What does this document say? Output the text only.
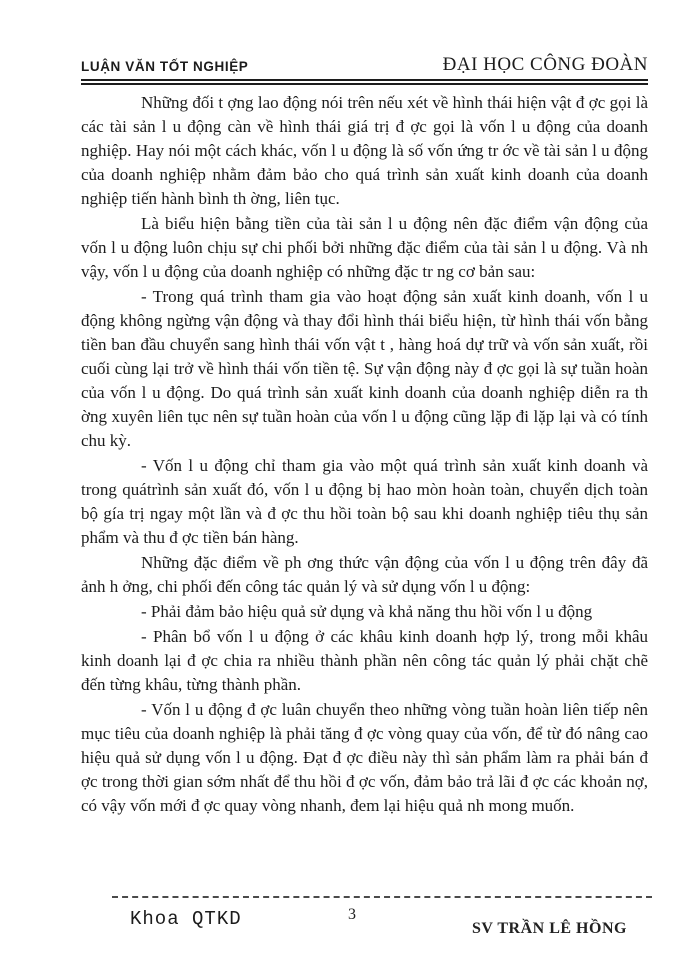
LUẬN VĂN TỐT NGHIỆP	ĐẠI HỌC CÔNG ĐOÀN

Những đối t ợng lao động nói trên nếu xét về hình thái hiện vật đ ợc gọi là các tài sản l u động càn về hình thái giá trị đ ợc gọi là vốn l u động của doanh nghiệp. Hay nói một cách khác, vốn l u động là số vốn ứng tr ớc về tài sản l u động của doanh nghiệp nhằm đảm bảo cho quá trình sản xuất kinh doanh của doanh nghiệp tiến hành bình th ờng, liên tục.

Là biểu hiện bằng tiền của tài sản l u động nên đặc điểm vận động của vốn l u động luôn chịu sự chi phối bởi những đặc điểm của tài sản l u động. Và nh vậy, vốn l u động của doanh nghiệp có những đặc tr ng cơ bản sau:

- Trong quá trình tham gia vào hoạt động sản xuất kinh doanh, vốn l u động không ngừng vận động và thay đổi hình thái biểu hiện, từ hình thái vốn bằng tiền ban đầu chuyển sang hình thái vốn vật t , hàng hoá dự trữ và vốn sản xuất, rồi cuối cùng lại trở về hình thái vốn tiền tệ. Sự vận động này đ ợc gọi là sự tuần hoàn của vốn l u động. Do quá trình sản xuất kinh doanh của doanh nghiệp diễn ra th ờng xuyên liên tục nên sự tuần hoàn của vốn l u động cũng lặp đi lặp lại và có tính chu kỳ.

- Vốn l u động chỉ tham gia vào một quá trình sản xuất kinh doanh và trong quátrình sản xuất đó, vốn l u động bị hao mòn hoàn toàn, chuyển dịch toàn bộ gía trị ngay một lần và đ ợc thu hồi toàn bộ sau khi doanh nghiệp tiêu thụ sản phẩm và thu đ ợc tiền bán hàng.

Những đặc điểm về ph ơng thức vận động của vốn l u động trên đây đã ảnh h ởng, chi phối đến công tác quản lý và sử dụng vốn l u động:

- Phải đảm bảo hiệu quả sử dụng và khả năng thu hồi vốn l u động

- Phân bổ vốn l u động ở các khâu kinh doanh hợp lý, trong mỗi khâu kinh doanh lại đ ợc chia ra nhiều thành phần nên công tác quản lý phải chặt chẽ đến từng khâu, từng thành phần.

- Vốn l u động đ ợc luân chuyển theo những vòng tuần hoàn liên tiếp nên mục tiêu của doanh nghiệp là phải tăng đ ợc vòng quay của vốn, để từ đó nâng cao hiệu quả sử dụng vốn l u động. Đạt đ ợc điều này thì sản phẩm làm ra phải bán đ ợc trong thời gian sớm nhất để thu hồi đ ợc vốn, đảm bảo trả lãi đ ợc các khoản nợ, có vậy vốn mới đ ợc quay vòng nhanh, đem lại hiệu quả nh mong muốn.

Khoa QTKD	3
SV TRẦN LÊ HỒNG
